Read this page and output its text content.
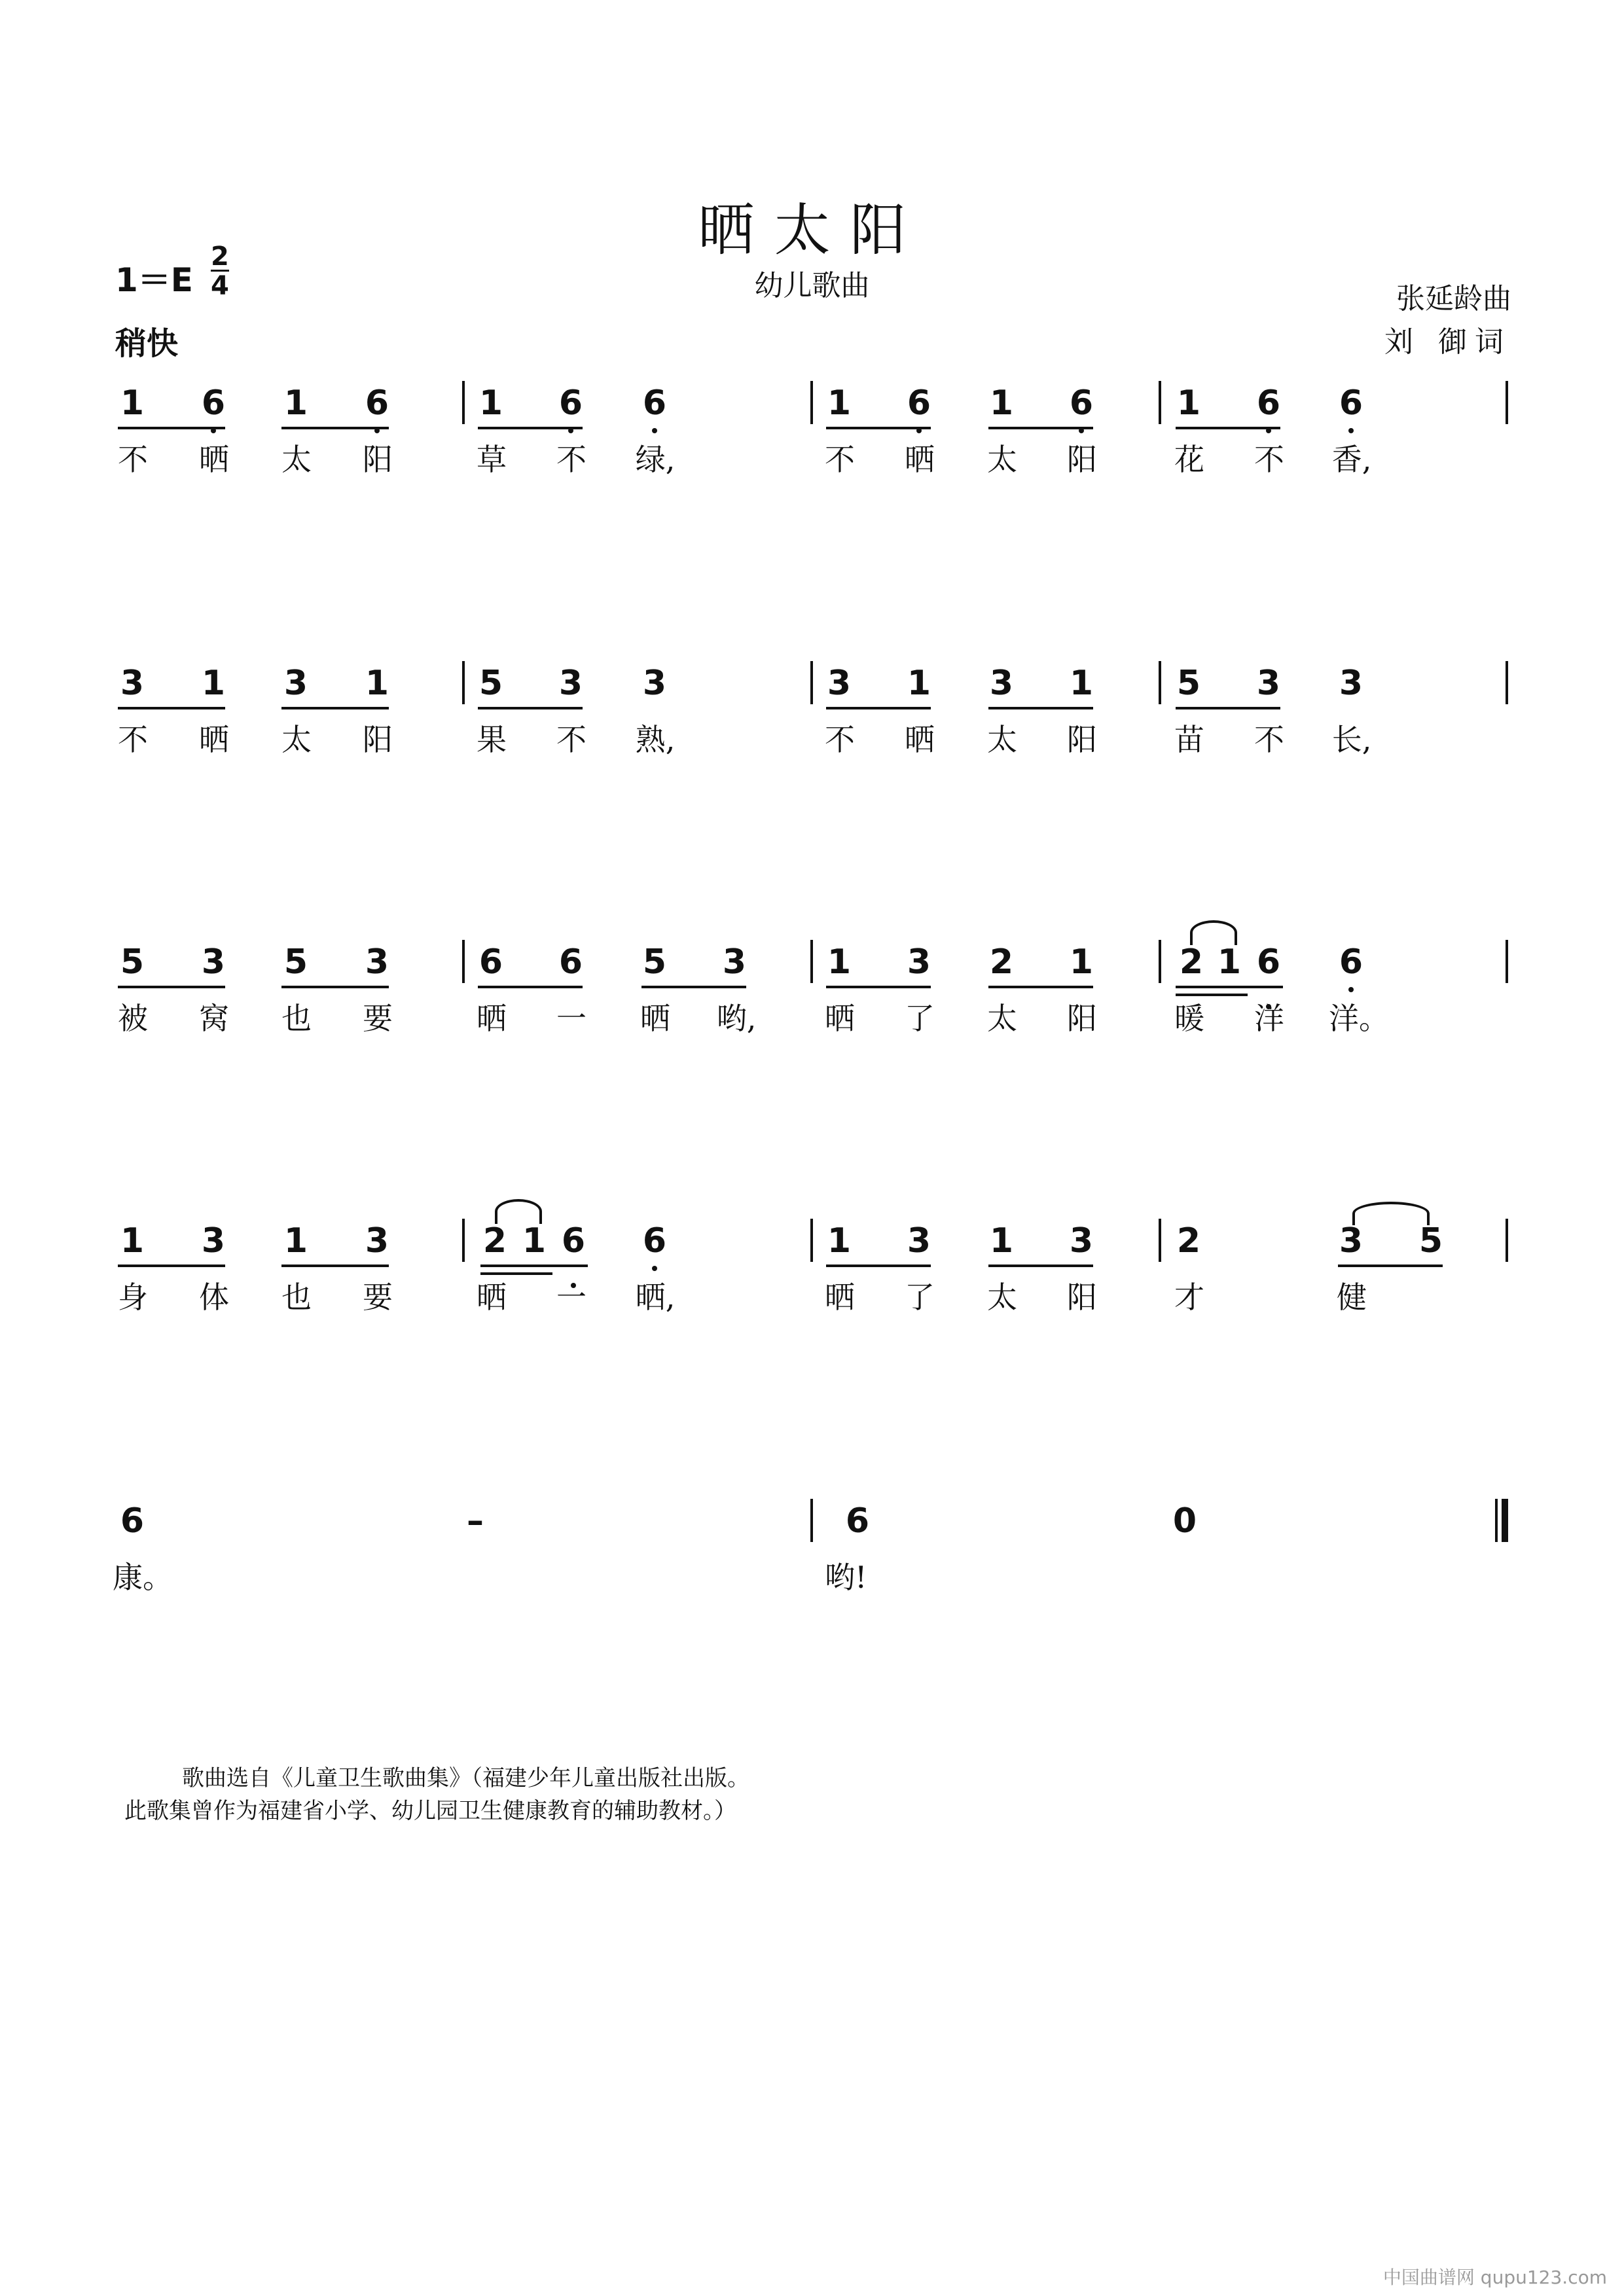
晒太阳
幼儿歌曲
$1=E \frac{2}{4}$
稍快
张延龄曲
刘 御词
1 6 1 6	1 6 6	1 6 1 6 1 6 6
不 晒 太 阳	草 不 绿,	不 晒 太 阳	花 不 香,
3 1 3 1	5 3 3	3 1 3 1 5 3 3
不 晒 太 阳	果 不 熟,	不 晒 太 阳	苗 不 长,
5 3 5 3	6 6 5 3 1 3 2 1	2 1 6 6
被 窝 也 要	晒 一 晒 哟, 晒 了 太 阳	暖 洋 洋。
1 3 1 3	2 1 6 6	1 3 1 3 2	3 5
身 体 也 要	晒 一 晒,	晒 了 太 阳	才	健
6	–	6	0
康。	哟!
歌曲选自《儿童卫生歌曲集》（福建少年儿童出版社出版。此歌集曾作为福建省小学、幼儿园卫生健康教育的辅助教材。）
中国曲谱网 qupu123.com
